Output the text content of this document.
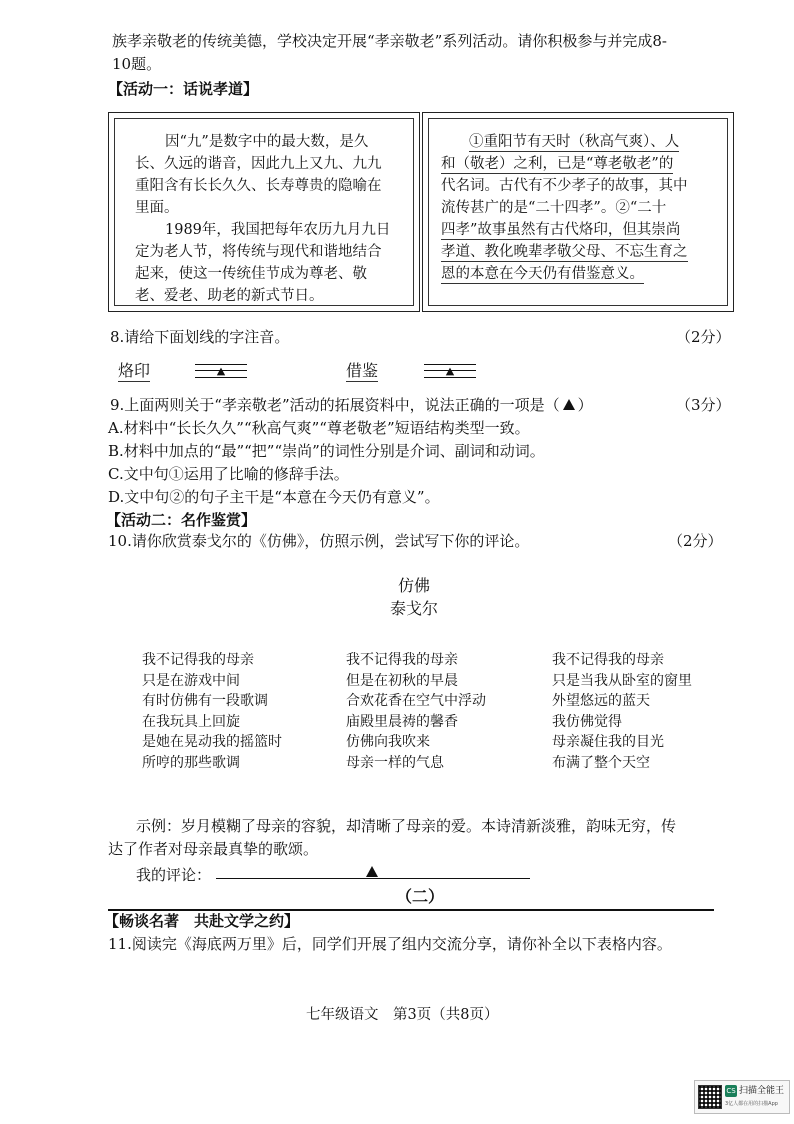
族孝亲敬老的传统美德，学校决定开展“孝亲敬老”系列活动。请你积极参与并完成8-
10题。
【活动一：话说孝道】
因“九”是数字中的最大数，是久
长、久远的谐音，因此九上又九、九九
重阳含有长长久久、长寿尊贵的隐喻在
里面。
1989年，我国把每年农历九月九日
定为老人节，将传统与现代和谐地结合
起来，使这一传统佳节成为尊老、敬
老、爱老、助老的新式节日。
①重阳节有天时（秋高气爽）、人
和（敬老）之利，已是“尊老敬老”的
代名词。古代有不少孝子的故事，其中
流传甚广的是“二十四孝”。②“二十
四孝”故事虽然有古代烙印，但其崇尚
孝道、教化晚辈孝敬父母、不忘生育之
恩的本意在今天仍有借鉴意义。
8.请给下面划线的字注音。	（2分）
烙印	借鉴
9.上面两则关于“孝亲敬老”活动的拓展资料中，说法正确的一项是（ ）	（3分）
A.材料中“长长久久”“秋高气爽”“尊老敬老”短语结构类型一致。
B.材料中加点的“最”“把”“崇尚”的词性分别是介词、副词和动词。
C.文中句①运用了比喻的修辞手法。
D.文中句②的句子主干是“本意在今天仍有意义”。
【活动二：名作鉴赏】
10.请你欣赏泰戈尔的《仿佛》，仿照示例，尝试写下你的评论。	（2分）
仿佛
泰戈尔
我不记得我的母亲
只是在游戏中间
有时仿佛有一段歌调
在我玩具上回旋
是她在晃动我的摇篮时
所哼的那些歌调
我不记得我的母亲
但是在初秋的早晨
合欢花香在空气中浮动
庙殿里晨祷的馨香
仿佛向我吹来
母亲一样的气息
我不记得我的母亲
只是当我从卧室的窗里
外望悠远的蓝天
我仿佛觉得
母亲凝住我的目光
布满了整个天空
示例：岁月模糊了母亲的容貌，却清晰了母亲的爱。本诗清新淡雅，韵味无穷，传
达了作者对母亲最真挚的歌颂。
我的评论：
（二）
【畅谈名著　共赴文学之约】
11.阅读完《海底两万里》后，同学们开展了组内交流分享，请你补全以下表格内容。
七年级语文　第3页（共8页）
CS 扫描全能王
3亿人都在用的扫描App
